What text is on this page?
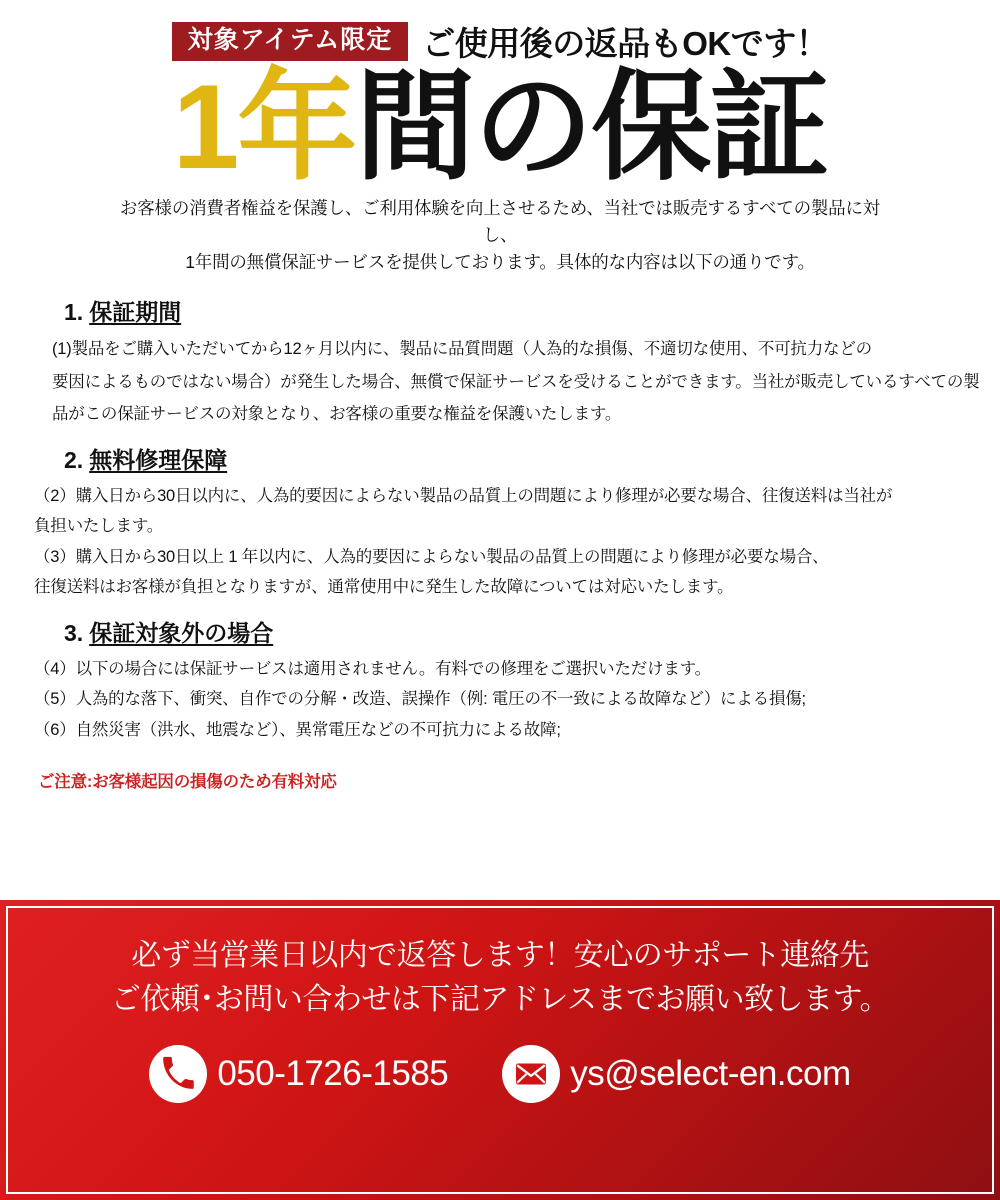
対象アイテム限定 ご使用後の返品もOKです！
1年間の保証
お客様の消費者権益を保護し、ご利用体験を向上させるため、当社では販売するすべての製品に対し、
1年間の無償保証サービスを提供しております。具体的な内容は以下の通りです。
1. 保証期間
(1)製品をご購入いただいてから12ヶ月以内に、製品に品質問題（人為的な損傷、不適切な使用、不可抗力などの
要因によるものではない場合）が発生した場合、無償で保証サービスを受けることができます。当社が販売しているすべての製
品がこの保証サービスの対象となり、お客様の重要な権益を保護いたします。
2. 無料修理保障
（2）購入日から30日以内に、人為的要因によらない製品の品質上の問題により修理が必要な場合、往復送料は当社が
負担いたします。
（3）購入日から30日以上 1 年以内に、人為的要因によらない製品の品質上の問題により修理が必要な場合、
往復送料はお客様が負担となりますが、通常使用中に発生した故障については対応いたします。
3. 保証対象外の場合
（4）以下の場合には保証サービスは適用されません。有料での修理をご選択いただけます。
（5）人為的な落下、衝突、自作での分解・改造、誤操作（例: 電圧の不一致による故障など）による損傷;
（6）自然災害（洪水、地震など）、異常電圧などの不可抗力による故障;
ご注意:お客様起因の損傷のため有料対応
必ず当営業日以内で返答します！安心のサポート連絡先
ご依頼･お問い合わせは下記アドレスまでお願い致します。
050-1726-1585	ys@select-en.com
